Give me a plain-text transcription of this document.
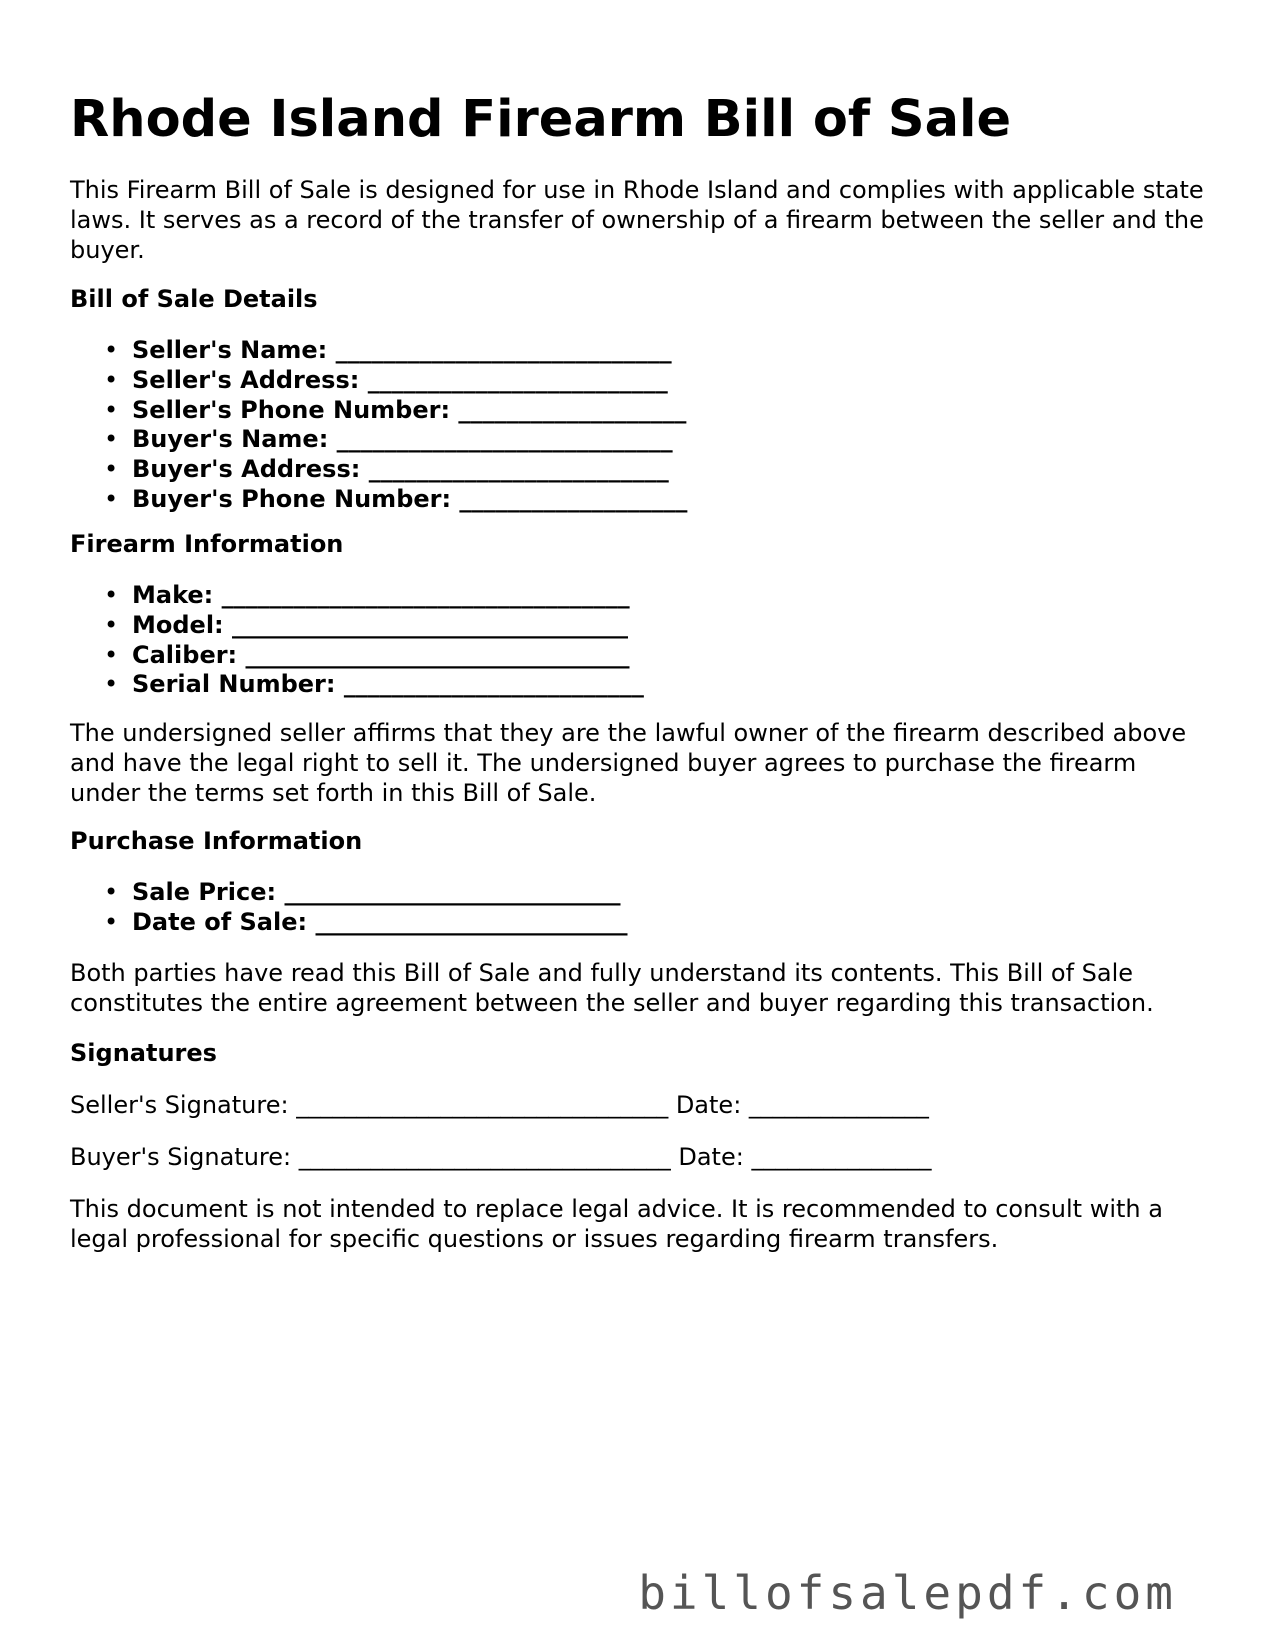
Rhode Island Firearm Bill of Sale

This Firearm Bill of Sale is designed for use in Rhode Island and complies with applicable state laws. It serves as a record of the transfer of ownership of a firearm between the seller and the buyer.

Bill of Sale Details
• Seller's Name: ____________________________
• Seller's Address: _________________________
• Seller's Phone Number: ___________________
• Buyer's Name: ____________________________
• Buyer's Address: _________________________
• Buyer's Phone Number: ___________________
Firearm Information
• Make: __________________________________
• Model: _________________________________
• Caliber: ________________________________
• Serial Number: _________________________

The undersigned seller affirms that they are the lawful owner of the firearm described above and have the legal right to sell it. The undersigned buyer agrees to purchase the firearm under the terms set forth in this Bill of Sale.

Purchase Information
• Sale Price: ____________________________
• Date of Sale: __________________________

Both parties have read this Bill of Sale and fully understand its contents. This Bill of Sale constitutes the entire agreement between the seller and buyer regarding this transaction.

Signatures
Seller's Signature: _______________________________ Date: _______________
Buyer's Signature: _______________________________ Date: _______________

This document is not intended to replace legal advice. It is recommended to consult with a legal professional for specific questions or issues regarding firearm transfers.

billofsalepdf.com
